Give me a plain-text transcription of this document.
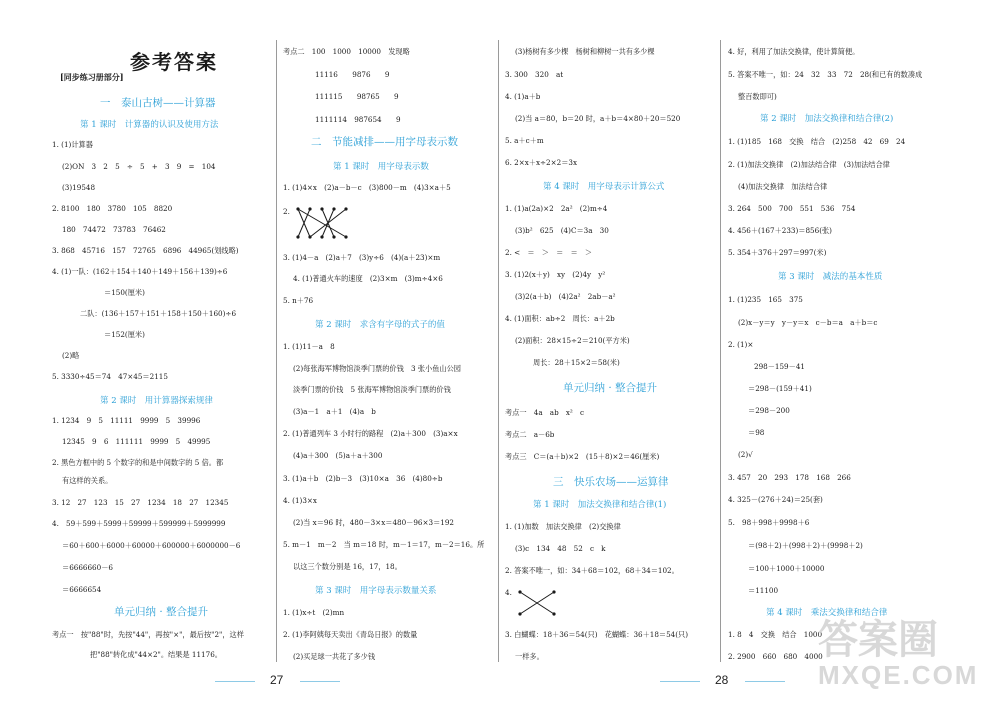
参考答案
[同步练习册部分]
一　泰山古树——计算器
第 1 课时　计算器的认识及使用方法
1. (1)计算器
(2)ON　3　2　5　÷　5　+　3　9　=　104
(3)19548
2. 8100　180　3780　105　8820
180　74472　73783　76462
3. 868　45716　157　72765　6896　44965(划线略)
4. (1)一队：(162＋154＋140＋149＋156＋139)÷6
＝150(厘米)
二队：(136＋157＋151＋158＋150＋160)÷6
＝152(厘米)
(2)略
5. 3330÷45＝74　47×45＝2115
第 2 课时　用计算器探索规律
1. 1234　9　5　11111　9999　5　39996
12345　9　6　111111　9999　5　49995
2. 黑色方框中的 5 个数字的和是中间数字的 5 倍。都
有这样的关系。
3. 12　27　123　15　27　1234　18　27　12345
4.　59＋599＋5999＋59999＋599999＋5999999
＝60＋600＋6000＋60000＋600000＋6000000－6
＝6666660－6
＝6666654
单元归纳 · 整合提升
考点一　按"88"时，先按"44"，再按"×"，最后按"2"，这样
把"88"转化成"44×2"。结果是 11176。
考点二　100　1000　10000　发现略
11116　　9876　　9
111115　　98765　　9
1111114　987654　　9
二　节能减排——用字母表示数
第 1 课时　用字母表示数
1. (1)4×x　(2)a－b－c　(3)800－m　(4)3×a＋5
2.
3. (1)4－a　(2)a＋7　(3)y÷6　(4)(a＋23)×m
4. (1)普通火车的速度　(2)3×m　(3)m÷4×6
5. n＋76
第 2 课时　求含有字母的式子的值
1. (1)11－a　8
(2)每张海军博物馆淡季门票的价钱　3 张小鱼山公园
淡季门票的价钱　5 张海军博物馆淡季门票的价钱
(3)a－1　a＋1　(4)a　b
2. (1)普通列车 3 小时行的路程　(2)a＋300　(3)a×x
(4)a＋300　(5)a＋a＋300
3. (1)a＋b　(2)b－3　(3)10×a　36　(4)80÷b
4. (1)3×x
(2)当 x＝96 时，480－3×x＝480－96×3＝192
5. m－1　m－2　当 m＝18 时，m－1＝17，m－2＝16。所
以这三个数分别是 16，17，18。
第 3 课时　用字母表示数量关系
1. (1)x÷t　(2)mn
2. (1)李阿姨每天卖出《青岛日报》的数量
(2)买足球一共花了多少钱
(3)杨树有多少棵　杨树和柳树一共有多少棵
3. 300　320　at
4. (1)a＋b
(2)当 a＝80，b＝20 时，a＋b＝4×80＋20＝520
5. a＋c＋m
6. 2×x＋x÷2×2＝3x
第 4 课时　用字母表示计算公式
1. (1)a(2a)×2　2a²　(2)m÷4
(3)b²　625　(4)C＝3a　30
2. <　＝　＞　＝　＝　＞
3. (1)2(x＋y)　xy　(2)4y　y²
(3)2(a＋b)　(4)2a²　2ab－a²
4. (1)面积：ab÷2　周长：a＋2b
(2)面积：28×15÷2＝210(平方米)
周长：28＋15×2＝58(米)
单元归纳 · 整合提升
考点一　4a　ab　x²　c
考点二　a－6b
考点三　C＝(a＋b)×2　(15＋8)×2＝46(厘米)
三　快乐农场——运算律
第 1 课时　加法交换律和结合律(1)
1. (1)加数　加法交换律　(2)交换律
(3)c　134　48　52　c　k
2. 答案不唯一，如：34＋68＝102，68＋34＝102。
4.
3. 白蝴蝶：18＋36＝54(只)　花蝴蝶：36＋18＝54(只)
一样多。
4. 好，利用了加法交换律，使计算简便。
5. 答案不唯一，如：24　32　33　72　28(和已有的数凑成
整百数即可)
第 2 课时　加法交换律和结合律(2)
1. (1)185　168　交换　结合　(2)258　42　69　24
2. (1)加法交换律　(2)加法结合律　(3)加法结合律
(4)加法交换律　加法结合律
3. 264　500　700　551　536　754
4. 456＋(167＋233)＝856(张)
5. 354＋376＋297＝997(米)
第 3 课时　减法的基本性质
1. (1)235　165　375
(2)x－y＝y　y－y＝x　c－b＝a　a＋b＝c
2. (1)×
298－159－41
＝298－(159＋41)
＝298－200
＝98
(2)√
3. 457　20　293　178　168　266
4. 325－(276＋24)＝25(套)
5.　98＋998＋9998＋6
＝(98＋2)＋(998＋2)＋(9998＋2)
＝100＋1000＋10000
＝11100
第 4 课时　乘法交换律和结合律
1. 8　4　交换　结合　1000
2. 2900　660　680　4000
27	28
答案圈
MXQE.COM
